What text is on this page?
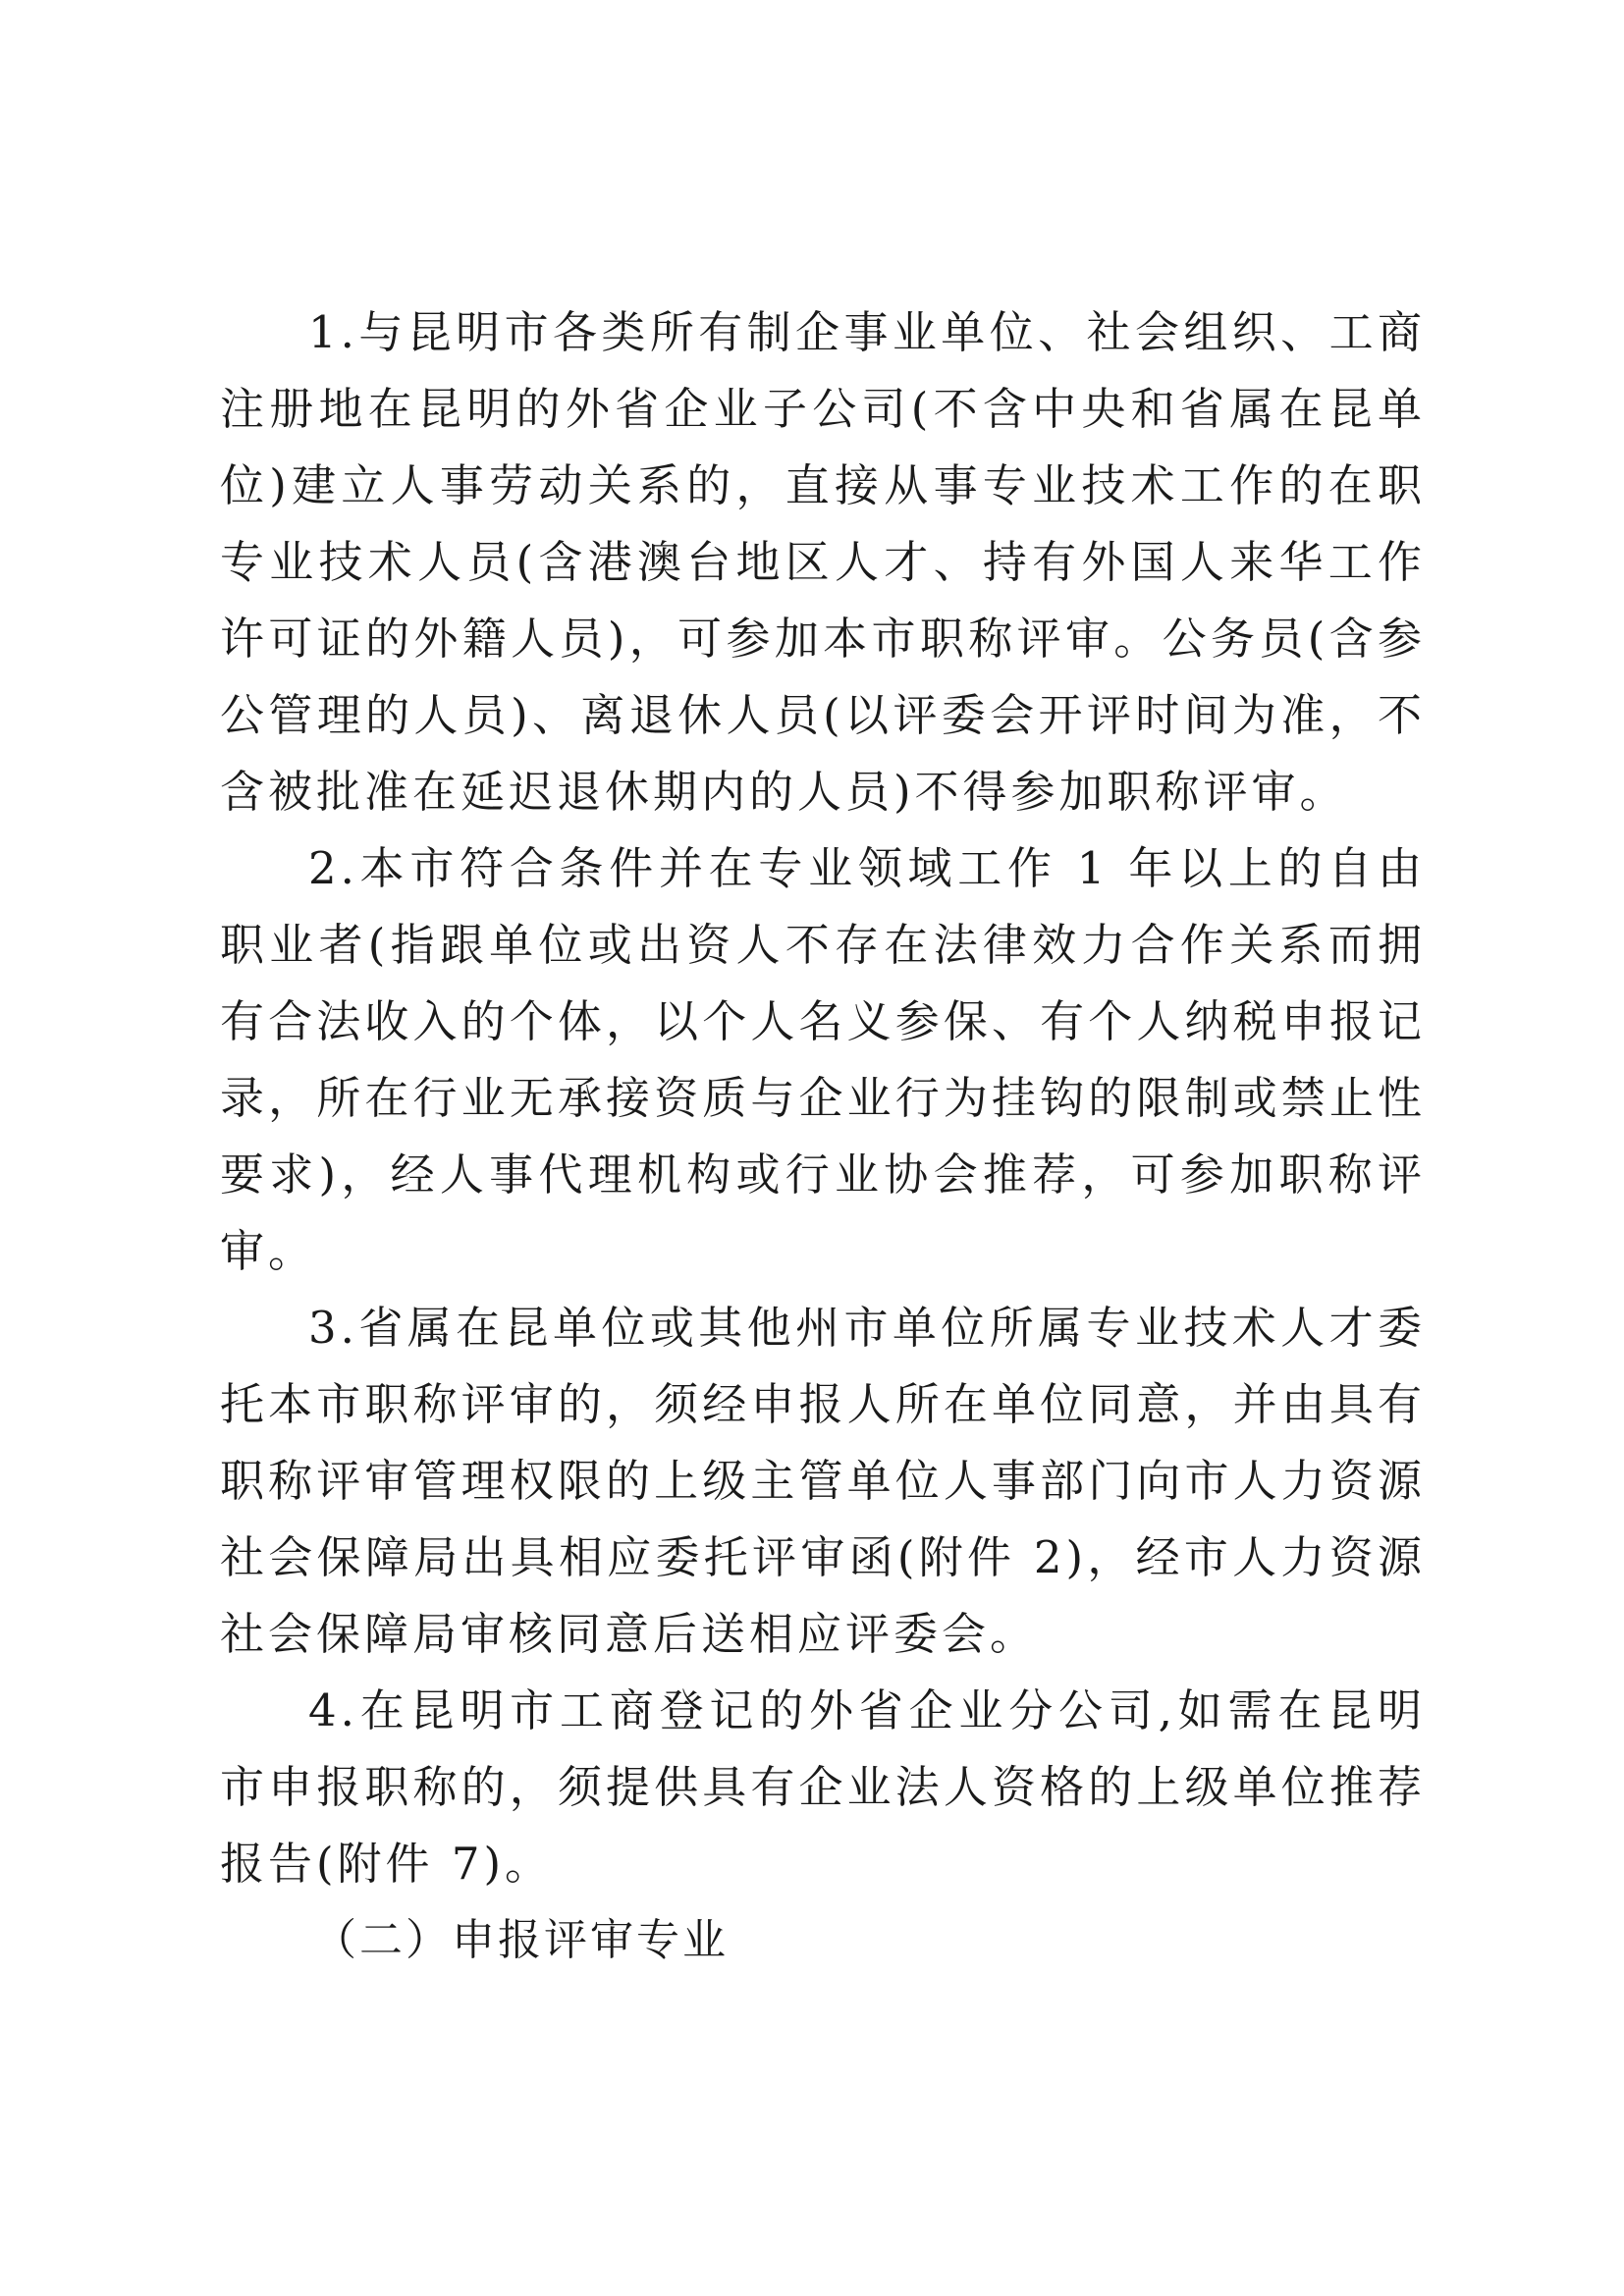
1.与昆明市各类所有制企事业单位、社会组织、工商注册地在昆明的外省企业子公司(不含中央和省属在昆单位)建立人事劳动关系的，直接从事专业技术工作的在职专业技术人员(含港澳台地区人才、持有外国人来华工作许可证的外籍人员)，可参加本市职称评审。公务员(含参公管理的人员)、离退休人员(以评委会开评时间为准，不含被批准在延迟退休期内的人员)不得参加职称评审。

2.本市符合条件并在专业领域工作 1 年以上的自由职业者(指跟单位或出资人不存在法律效力合作关系而拥有合法收入的个体，以个人名义参保、有个人纳税申报记录，所在行业无承接资质与企业行为挂钩的限制或禁止性要求)，经人事代理机构或行业协会推荐，可参加职称评审。

3.省属在昆单位或其他州市单位所属专业技术人才委托本市职称评审的，须经申报人所在单位同意，并由具有职称评审管理权限的上级主管单位人事部门向市人力资源社会保障局出具相应委托评审函(附件 2)，经市人力资源社会保障局审核同意后送相应评委会。

4.在昆明市工商登记的外省企业分公司,如需在昆明市申报职称的，须提供具有企业法人资格的上级单位推荐报告(附件 7)。

（二）申报评审专业
